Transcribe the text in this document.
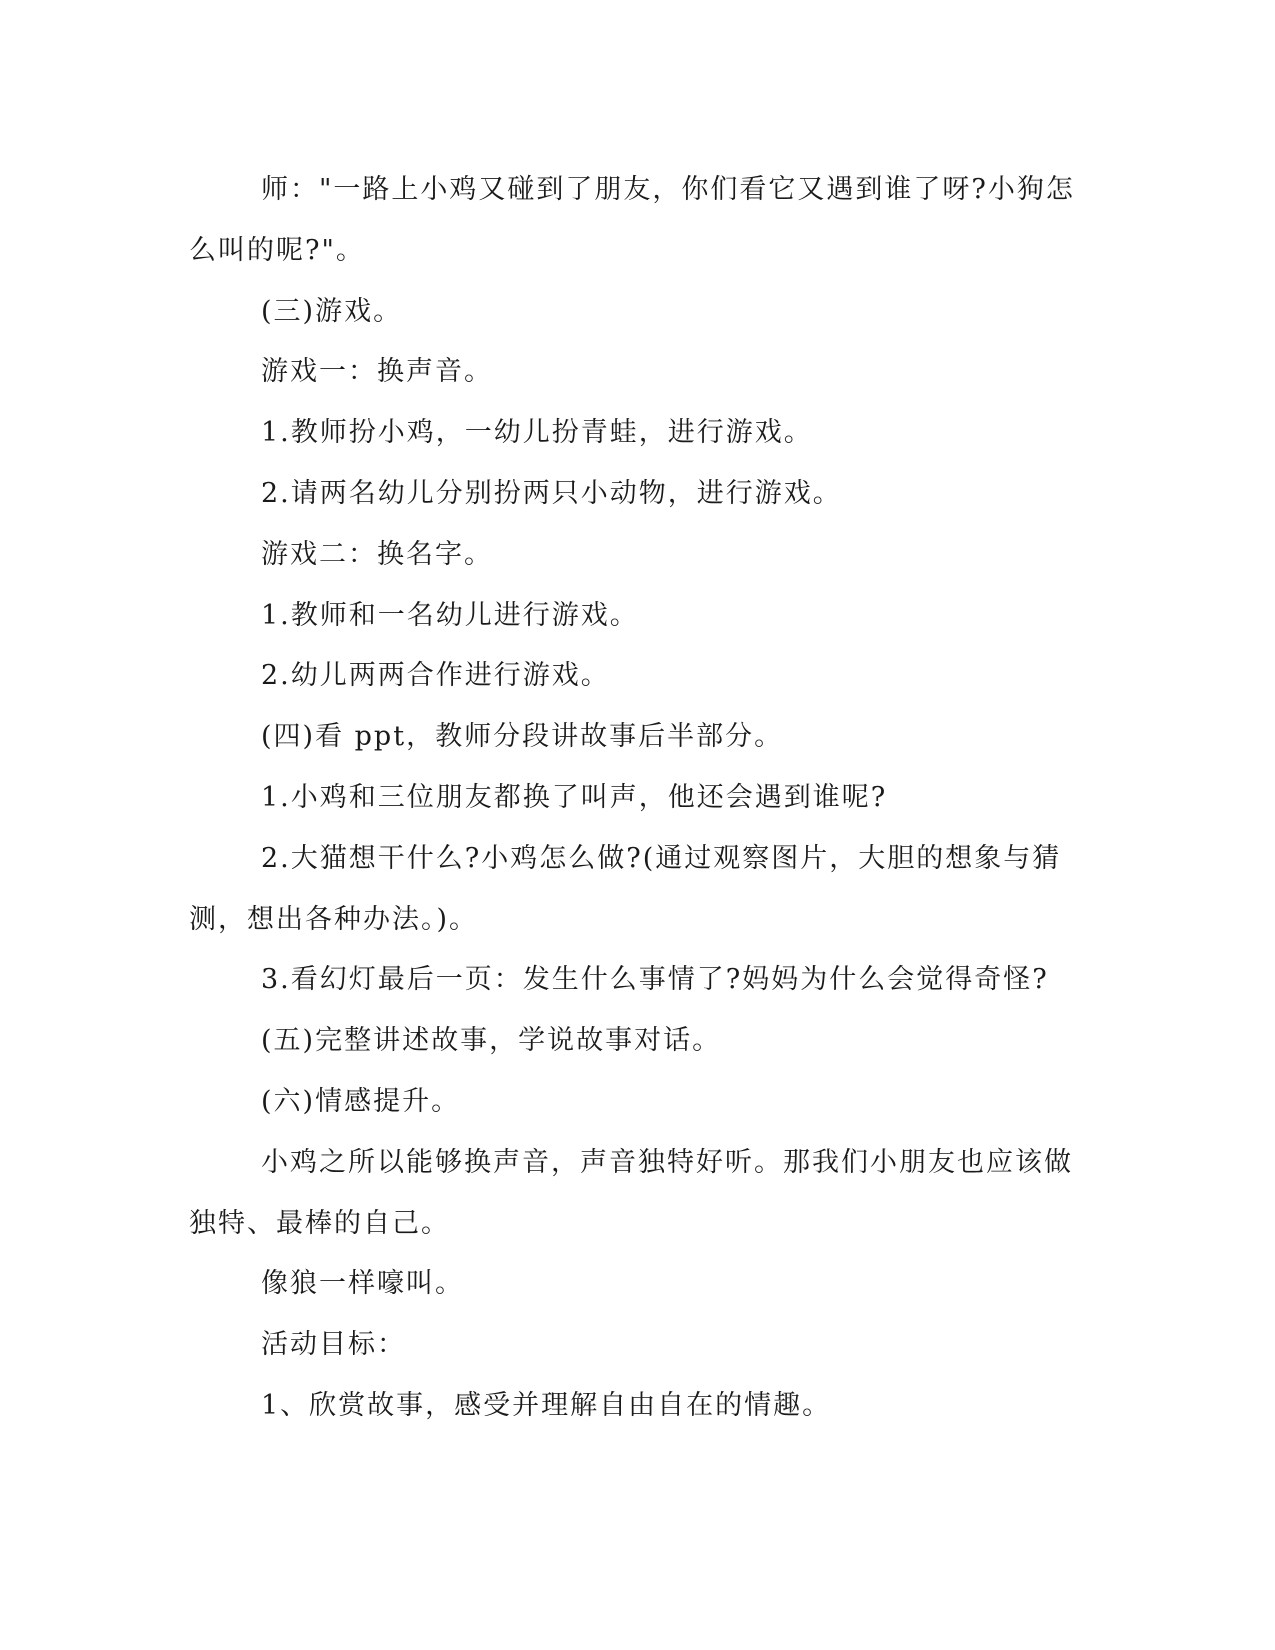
师："一路上小鸡又碰到了朋友，你们看它又遇到谁了呀?小狗怎么叫的呢?"。

(三)游戏。

游戏一：换声音。

1.教师扮小鸡，一幼儿扮青蛙，进行游戏。

2.请两名幼儿分别扮两只小动物，进行游戏。

游戏二：换名字。

1.教师和一名幼儿进行游戏。

2.幼儿两两合作进行游戏。

(四)看 ppt，教师分段讲故事后半部分。

1.小鸡和三位朋友都换了叫声，他还会遇到谁呢?

2.大猫想干什么?小鸡怎么做?(通过观察图片，大胆的想象与猜测，想出各种办法。)。

3.看幻灯最后一页：发生什么事情了?妈妈为什么会觉得奇怪?

(五)完整讲述故事，学说故事对话。

(六)情感提升。

小鸡之所以能够换声音，声音独特好听。那我们小朋友也应该做独特、最棒的自己。

像狼一样嚎叫。

活动目标：

1、欣赏故事，感受并理解自由自在的情趣。
